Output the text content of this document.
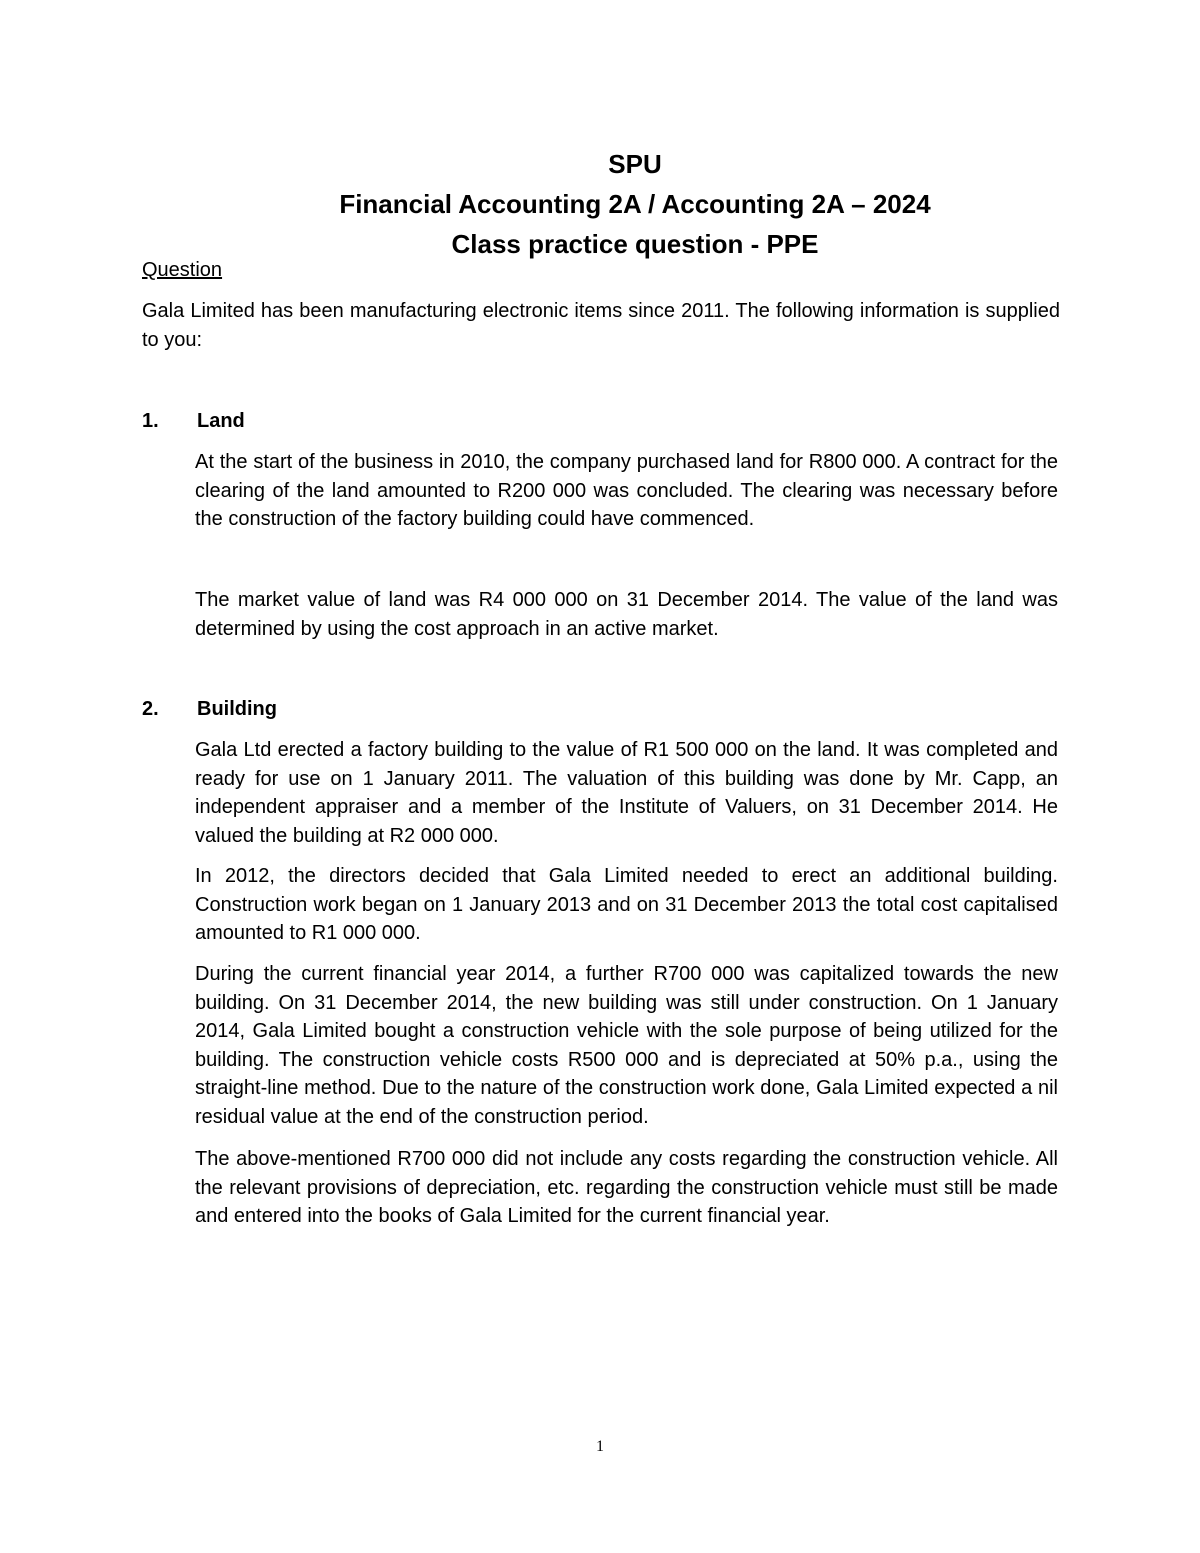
SPU
Financial Accounting 2A / Accounting 2A – 2024
Class practice question - PPE
Question
Gala Limited has been manufacturing electronic items since 2011. The following information is supplied to you:
1. Land
At the start of the business in 2010, the company purchased land for R800 000. A contract for the clearing of the land amounted to R200 000 was concluded. The clearing was necessary before the construction of the factory building could have commenced.
The market value of land was R4 000 000 on 31 December 2014. The value of the land was determined by using the cost approach in an active market.
2. Building
Gala Ltd erected a factory building to the value of R1 500 000 on the land. It was completed and ready for use on 1 January 2011. The valuation of this building was done by Mr. Capp, an independent appraiser and a member of the Institute of Valuers, on 31 December 2014. He valued the building at R2 000 000.
In 2012, the directors decided that Gala Limited needed to erect an additional building. Construction work began on 1 January 2013 and on 31 December 2013 the total cost capitalised amounted to R1 000 000.
During the current financial year 2014, a further R700 000 was capitalized towards the new building. On 31 December 2014, the new building was still under construction. On 1 January 2014, Gala Limited bought a construction vehicle with the sole purpose of being utilized for the building. The construction vehicle costs R500 000 and is depreciated at 50% p.a., using the straight-line method. Due to the nature of the construction work done, Gala Limited expected a nil residual value at the end of the construction period.
The above-mentioned R700 000 did not include any costs regarding the construction vehicle. All the relevant provisions of depreciation, etc. regarding the construction vehicle must still be made and entered into the books of Gala Limited for the current financial year.
1
